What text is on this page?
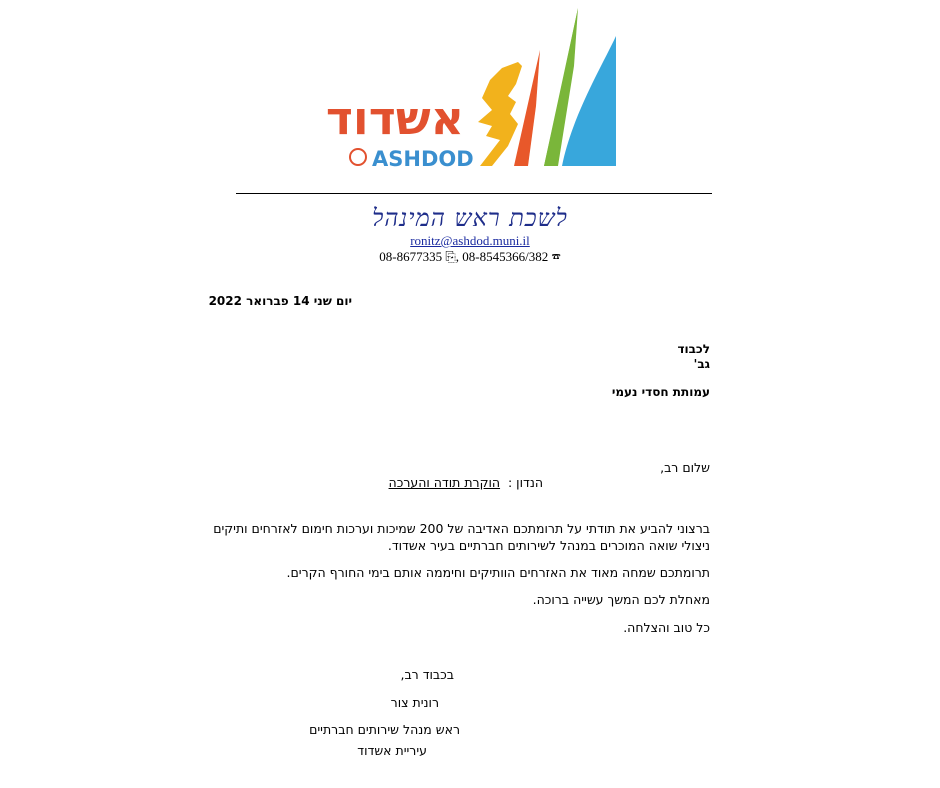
אשדוד
ASHDOD
לשכת ראש המינהל
ronitz@ashdod.muni.il
08-8677335 ⎘, 08-8545366/382 ☎
יום שני 14 פברואר 2022
לכבוד
גב'
עמותת חסדי נעמי
שלום רב,
הנדון :  הוקרת תודה והערכה
ברצוני להביע את תודתי על תרומתכם האדיבה של 200 שמיכות וערכות חימום לאזרחים ותיקים
ניצולי שואה המוכרים במנהל לשירותים חברתיים בעיר אשדוד.
תרומתכם שמחה מאוד את האזרחים הוותיקים וחיממה אותם בימי החורף הקרים.
מאחלת לכם המשך עשייה ברוכה.
כל טוב והצלחה.
בכבוד רב,
רונית צור
ראש מנהל שירותים חברתיים
עיריית אשדוד
